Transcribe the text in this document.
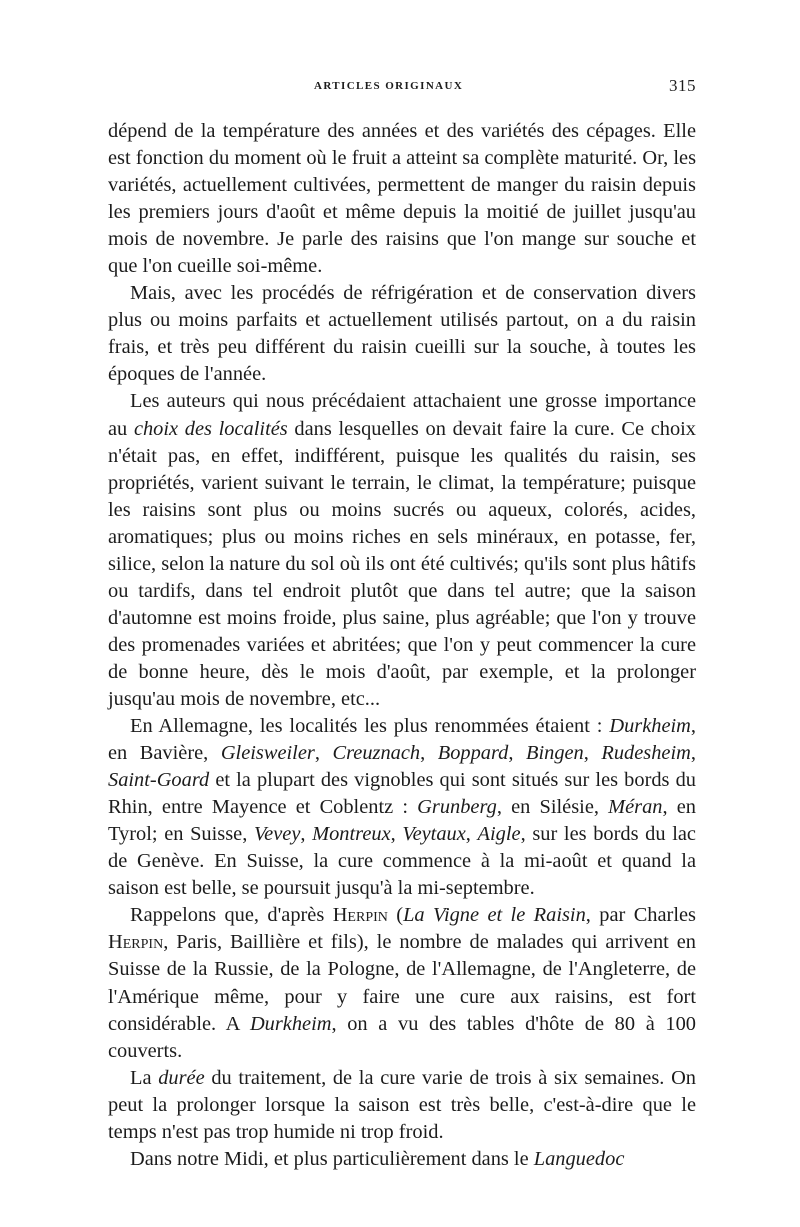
ARTICLES ORIGINAUX	315

dépend de la température des années et des variétés des cépages. Elle est fonction du moment où le fruit a atteint sa complète maturité. Or, les variétés, actuellement cultivées, permettent de manger du raisin depuis les premiers jours d'août et même depuis la moitié de juillet jusqu'au mois de novembre. Je parle des raisins que l'on mange sur souche et que l'on cueille soi-même.

Mais, avec les procédés de réfrigération et de conservation divers plus ou moins parfaits et actuellement utilisés partout, on a du raisin frais, et très peu différent du raisin cueilli sur la souche, à toutes les époques de l'année.

Les auteurs qui nous précédaient attachaient une grosse importance au choix des localités dans lesquelles on devait faire la cure. Ce choix n'était pas, en effet, indifférent, puisque les qualités du raisin, ses propriétés, varient suivant le terrain, le climat, la température; puisque les raisins sont plus ou moins sucrés ou aqueux, colorés, acides, aromatiques; plus ou moins riches en sels minéraux, en potasse, fer, silice, selon la nature du sol où ils ont été cultivés; qu'ils sont plus hâtifs ou tardifs, dans tel endroit plutôt que dans tel autre; que la saison d'automne est moins froide, plus saine, plus agréable; que l'on y trouve des promenades variées et abritées; que l'on y peut commencer la cure de bonne heure, dès le mois d'août, par exemple, et la prolonger jusqu'au mois de novembre, etc...

En Allemagne, les localités les plus renommées étaient : Durkheim, en Bavière, Gleisweiler, Creuznach, Boppard, Bingen, Rudesheim, Saint-Goard et la plupart des vignobles qui sont situés sur les bords du Rhin, entre Mayence et Coblentz : Grunberg, en Silésie, Méran, en Tyrol; en Suisse, Vevey, Montreux, Veytaux, Aigle, sur les bords du lac de Genève. En Suisse, la cure commence à la mi-août et quand la saison est belle, se poursuit jusqu'à la mi-septembre.

Rappelons que, d'après Herpin (La Vigne et le Raisin, par Charles Herpin, Paris, Baillière et fils), le nombre de malades qui arrivent en Suisse de la Russie, de la Pologne, de l'Allemagne, de l'Angleterre, de l'Amérique même, pour y faire une cure aux raisins, est fort considérable. A Durkheim, on a vu des tables d'hôte de 80 à 100 couverts.

La durée du traitement, de la cure varie de trois à six semaines. On peut la prolonger lorsque la saison est très belle, c'est-à-dire que le temps n'est pas trop humide ni trop froid.

Dans notre Midi, et plus particulièrement dans le Languedoc
